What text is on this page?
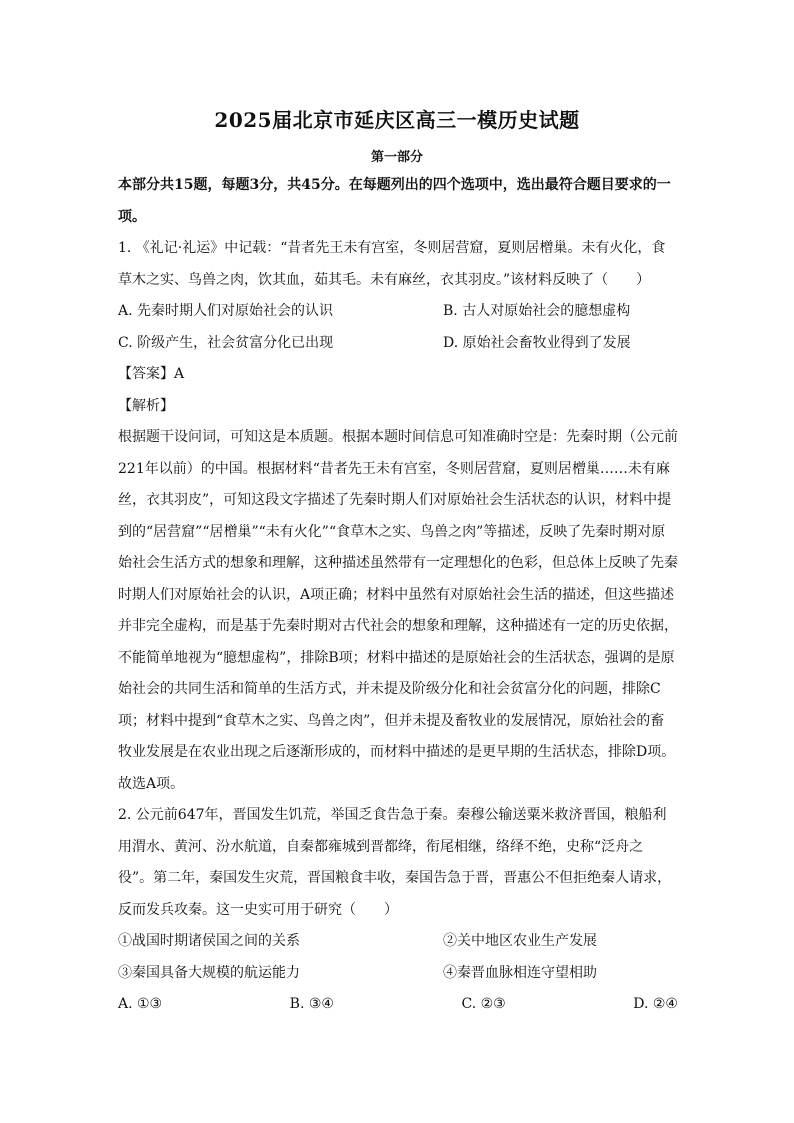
2025届北京市延庆区高三一模历史试题
第一部分

本部分共15题，每题3分，共45分。在每题列出的四个选项中，选出最符合题目要求的一项。

1. 《礼记·礼运》中记载：“昔者先王未有宫室，冬则居营窟，夏则居橧巢。未有火化，食草木之实、鸟兽之肉，饮其血，茹其毛。未有麻丝，衣其羽皮。”该材料反映了（　　）

A. 先秦时期人们对原始社会的认识	B. 古人对原始社会的臆想虚构
C. 阶级产生，社会贫富分化已出现	D. 原始社会畜牧业得到了发展

【答案】A

【解析】

根据题干设问词，可知这是本质题。根据本题时间信息可知准确时空是：先秦时期（公元前221年以前）的中国。根据材料“昔者先王未有宫室，冬则居营窟，夏则居橧巢……未有麻丝，衣其羽皮”，可知这段文字描述了先秦时期人们对原始社会生活状态的认识，材料中提到的“居营窟”“居橧巢”“未有火化”“食草木之实、鸟兽之肉”等描述，反映了先秦时期对原始社会生活方式的想象和理解，这种描述虽然带有一定理想化的色彩，但总体上反映了先秦时期人们对原始社会的认识，A项正确；材料中虽然有对原始社会生活的描述，但这些描述并非完全虚构，而是基于先秦时期对古代社会的想象和理解，这种描述有一定的历史依据，不能简单地视为“臆想虚构”，排除B项；材料中描述的是原始社会的生活状态，强调的是原始社会的共同生活和简单的生活方式，并未提及阶级分化和社会贫富分化的问题，排除C项；材料中提到“食草木之实、鸟兽之肉”，但并未提及畜牧业的发展情况，原始社会的畜牧业发展是在农业出现之后逐渐形成的，而材料中描述的是更早期的生活状态，排除D项。故选A项。

2. 公元前647年，晋国发生饥荒，举国乏食告急于秦。秦穆公输送粟米救济晋国，粮船利用渭水、黄河、汾水航道，自秦都雍城到晋都绛，衔尾相继，络绎不绝，史称“泛舟之役”。第二年，秦国发生灾荒，晋国粮食丰收，秦国告急于晋，晋惠公不但拒绝秦人请求，反而发兵攻秦。这一史实可用于研究（　　）

①战国时期诸侯国之间的关系	②关中地区农业生产发展
③秦国具备大规模的航运能力	④秦晋血脉相连守望相助
A. ①③	B. ③④	C. ②③	D. ②④
